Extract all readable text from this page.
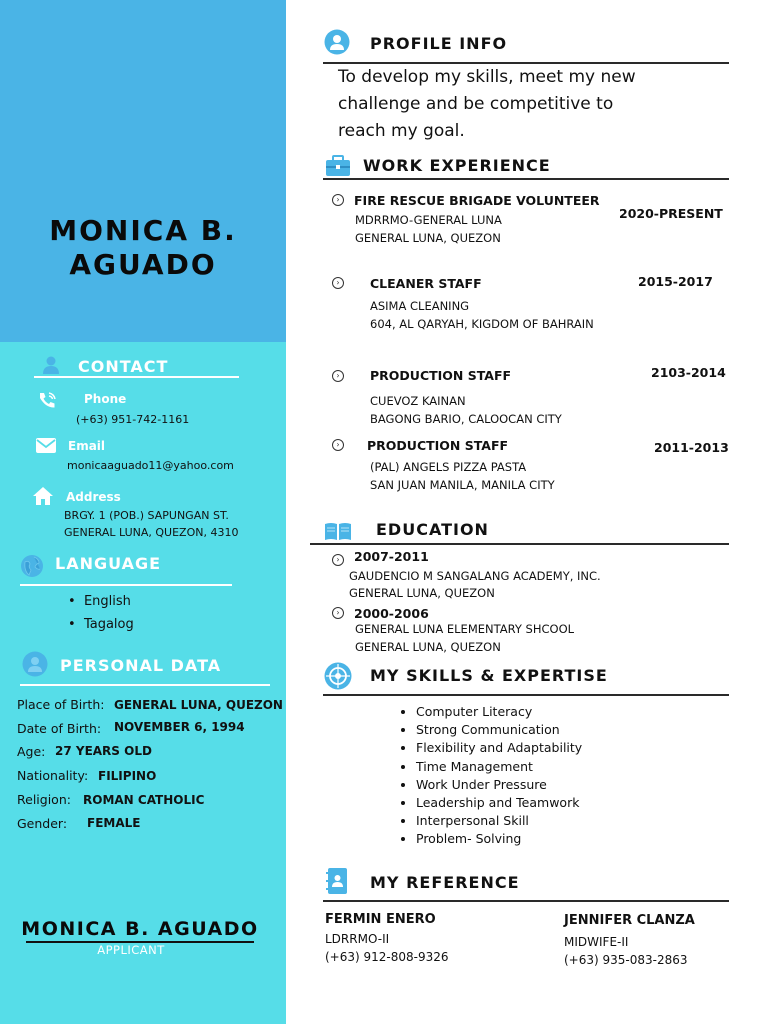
MONICA B.
AGUADO
CONTACT
Phone
(+63) 951-742-1161
Email
monicaaguado11@yahoo.com
Address
BRGY. 1 (POB.) SAPUNGAN ST.
GENERAL LUNA, QUEZON, 4310
LANGUAGE
•  English
•  Tagalog
PERSONAL DATA
Place of Birth: GENERAL LUNA, QUEZON
Date of Birth: NOVEMBER 6, 1994
Age: 27 YEARS OLD
Nationality: FILIPINO
Religion: ROMAN CATHOLIC
Gender: FEMALE
MONICA B. AGUADO
APPLICANT
PROFILE INFO
To develop my skills, meet my new
challenge and be competitive to
reach my goal.
WORK EXPERIENCE
›	FIRE RESCUE BRIGADE VOLUNTEER
MDRRMO-GENERAL LUNA
GENERAL LUNA, QUEZON
2020-PRESENT
›	CLEANER STAFF
ASIMA CLEANING
604, AL QARYAH, KIGDOM OF BAHRAIN
2015-2017
›	PRODUCTION STAFF
CUEVOZ KAINAN
BAGONG BARIO, CALOOCAN CITY
2103-2014
›	PRODUCTION STAFF
(PAL) ANGELS PIZZA PASTA
SAN JUAN MANILA, MANILA CITY
2011-2013
EDUCATION
›	2007-2011
GAUDENCIO M SANGALANG ACADEMY, INC.
GENERAL LUNA, QUEZON
›	2000-2006
GENERAL LUNA ELEMENTARY SHCOOL
GENERAL LUNA, QUEZON
MY SKILLS & EXPERTISE
• Computer Literacy
• Strong Communication
• Flexibility and Adaptability
• Time Management
• Work Under Pressure
• Leadership and Teamwork
• Interpersonal Skill
• Problem- Solving
MY REFERENCE
FERMIN ENERO
LDRRMO-II
(+63) 912-808-9326
JENNIFER CLANZA
MIDWIFE-II
(+63) 935-083-2863
